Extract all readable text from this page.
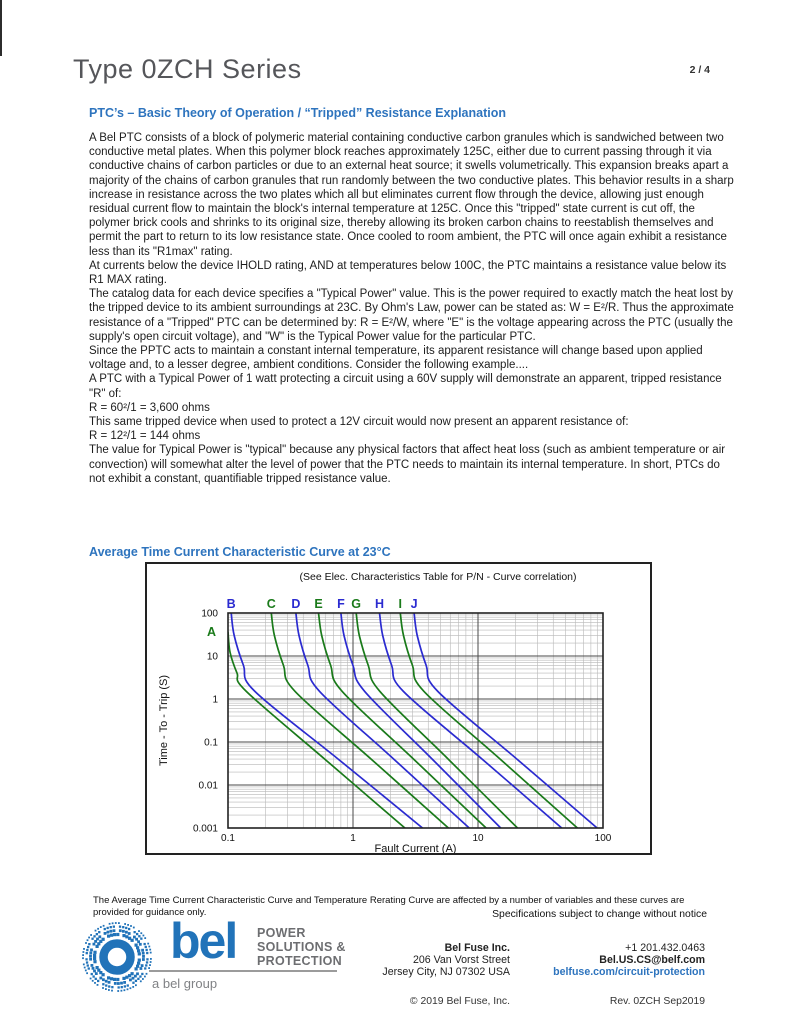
Type 0ZCH Series	2 / 4
PTC’s – Basic Theory of Operation / “Tripped” Resistance Explanation
A Bel PTC consists of a block of polymeric material containing conductive carbon granules which is sandwiched between two conductive metal plates. When this polymer block reaches approximately 125C, either due to current passing through it via conductive chains of carbon particles or due to an external heat source; it swells volumetrically. This expansion breaks apart a majority of the chains of carbon granules that run randomly between the two conductive plates. This behavior results in a sharp increase in resistance across the two plates which all but eliminates current flow through the device, allowing just enough residual current flow to maintain the block's internal temperature at 125C. Once this "tripped" state current is cut off, the polymer brick cools and shrinks to its original size, thereby allowing its broken carbon chains to reestablish themselves and permit the part to return to its low resistance state. Once cooled to room ambient, the PTC will once again exhibit a resistance less than its "R1max" rating.
At currents below the device IHOLD rating, AND at temperatures below 100C, the PTC maintains a resistance value below its R1 MAX rating.
The catalog data for each device specifies a "Typical Power" value. This is the power required to exactly match the heat lost by the tripped device to its ambient surroundings at 23C. By Ohm's Law, power can be stated as: W = E²/R. Thus the approximate resistance of a "Tripped" PTC can be determined by: R = E²/W, where "E" is the voltage appearing across the PTC (usually the supply's open circuit voltage), and "W" is the Typical Power value for the particular PTC.
Since the PPTC acts to maintain a constant internal temperature, its apparent resistance will change based upon applied voltage and, to a lesser degree, ambient conditions. Consider the following example....
A PTC with a Typical Power of 1 watt protecting a circuit using a 60V supply will demonstrate an apparent, tripped resistance "R" of:
R = 60²/1 = 3,600 ohms
This same tripped device when used to protect a 12V circuit would now present an apparent resistance of:
R = 12²/1 = 144 ohms
The value for Typical Power is "typical" because any physical factors that affect heat loss (such as ambient temperature or air convection) will somewhat alter the level of power that the PTC needs to maintain its internal temperature. In short, PTCs do not exhibit a constant, quantifiable tripped resistance value.
Average Time Current Characteristic Curve at 23°C
(See Elec. Characteristics Table for P/N - Curve correlation)
A
B C D E F G H I J
0.1	1	10	100
100
10
1
0.1
0.01
0.001
Fault Current (A)
Time - To - Trip (S)
The Average Time Current Characteristic Curve and Temperature Rerating Curve are affected by a number of variables and these curves are provided for guidance only.
bel POWER
SOLUTIONS &
PROTECTION
a bel group
Specifications subject to change without notice
Bel Fuse Inc.
206 Van Vorst Street
Jersey City, NJ 07302 USA
© 2019 Bel Fuse, Inc.
+1 201.432.0463
Bel.US.CS@belf.com
belfuse.com/circuit-protection
Rev. 0ZCH Sep2019
